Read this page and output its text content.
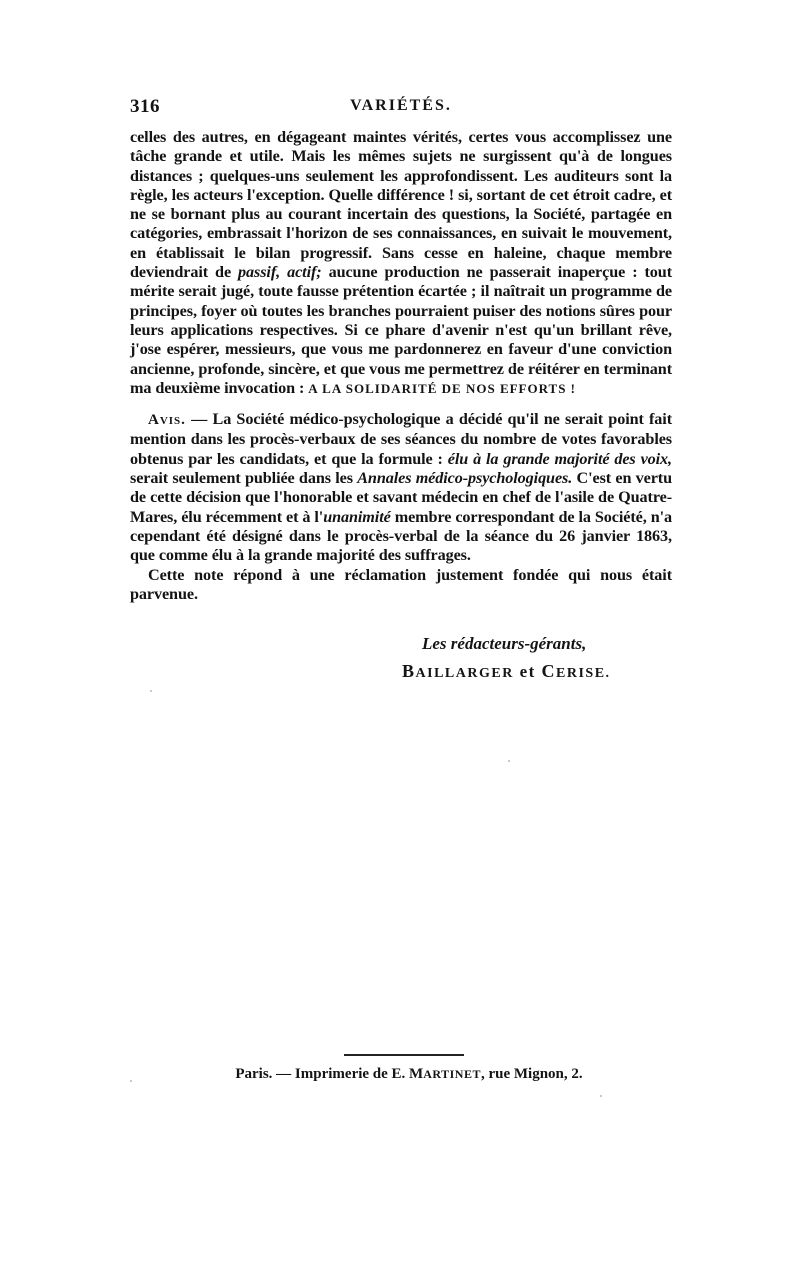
316	VARIÉTÉS.

celles des autres, en dégageant maintes vérités, certes vous accomplissez une tâche grande et utile. Mais les mêmes sujets ne surgissent qu'à de longues distances ; quelques-uns seulement les approfondissent. Les auditeurs sont la règle, les acteurs l'exception. Quelle différence ! si, sortant de cet étroit cadre, et ne se bornant plus au courant incertain des questions, la Société, partagée en catégories, embrassait l'horizon de ses connaissances, en suivait le mouvement, en établissait le bilan progressif. Sans cesse en haleine, chaque membre deviendrait de passif, actif; aucune production ne passerait inaperçue : tout mérite serait jugé, toute fausse prétention écartée ; il naîtrait un programme de principes, foyer où toutes les branches pourraient puiser des notions sûres pour leurs applications respectives. Si ce phare d'avenir n'est qu'un brillant rêve, j'ose espérer, messieurs, que vous me pardonnerez en faveur d'une conviction ancienne, profonde, sincère, et que vous me permettrez de réitérer en terminant ma deuxième invocation : A LA SOLIDARITÉ DE NOS EFFORTS !

Avis. — La Société médico-psychologique a décidé qu'il ne serait point fait mention dans les procès-verbaux de ses séances du nombre de votes favorables obtenus par les candidats, et que la formule : élu à la grande majorité des voix, serait seulement publiée dans les Annales médico-psychologiques. C'est en vertu de cette décision que l'honorable et savant médecin en chef de l'asile de Quatre-Mares, élu récemment et à l'unanimité membre correspondant de la Société, n'a cependant été désigné dans le procès-verbal de la séance du 26 janvier 1863, que comme élu à la grande majorité des suffrages.

Cette note répond à une réclamation justement fondée qui nous était parvenue.

Les rédacteurs-gérants,
BAILLARGER et CERISE.
Paris. — Imprimerie de E. MARTINET, rue Mignon, 2.
